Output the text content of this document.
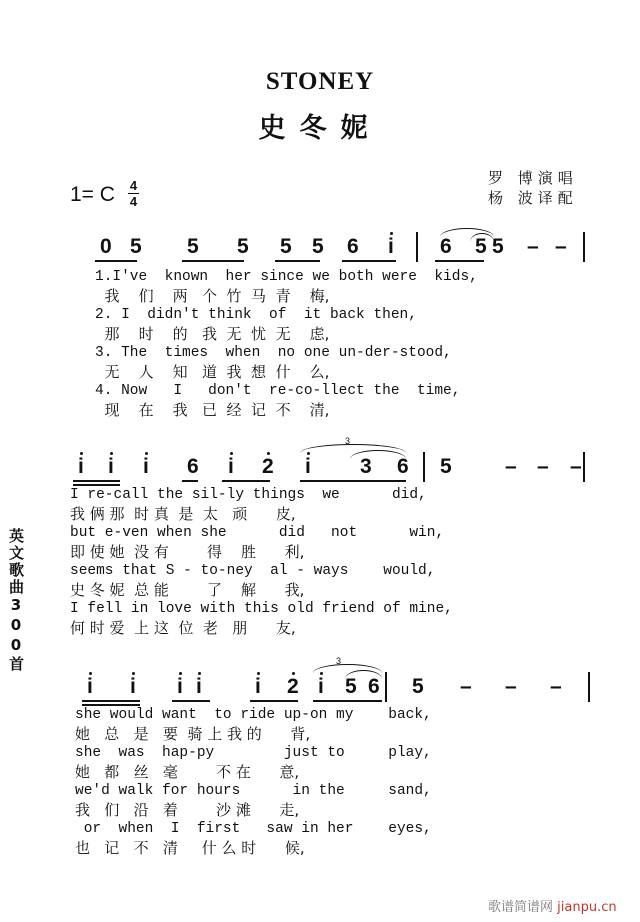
STONEY
史冬妮
1= C 4
4
罗 博演唱
杨 波译配
0 5 5 5 5 5 6 i 6 5 5 – –
1.I've  known  her since we both were  kids,
我    们    两   个  竹  马  青    梅,
2. I  didn't think  of  it back then,
那    时    的   我  无  忧  无    虑,
3. The  times  when  no one un-der-stood,
无    人    知   道  我  想  什    么,
4. Now   I   don't  re-co-llect the  time,
现    在    我   已  经  记  不    清,
i i i 6 i 2 i 3 6 5	– – –
3
I re-call the sil-ly things  we      did,
我 俩 那  时 真  是  太   顽      皮,
but e-ven when she      did   not      win,
即 使 她  没 有        得    胜      利,
seems that S - to-ney  al - ways    would,
史 冬 妮  总 能        了    解      我,
I fell in love with this old friend of mine,
何 时 爱  上 这  位  老   朋      友,
i i i i	i 2 i 5 6 5 – – –
3
she would want  to ride up-on my    back,
她   总   是   要  骑 上 我 的      背,
she  was  hap-py        just to     play,
她   都   丝   毫        不 在      意,
we'd walk for hours      in the     sand,
我   们   沿   着        沙 滩      走,
or  when  I  first   saw in her    eyes,
也   记   不   清     什 么 时      候,
英文歌曲300首
歌谱简谱网 jianpu.cn
